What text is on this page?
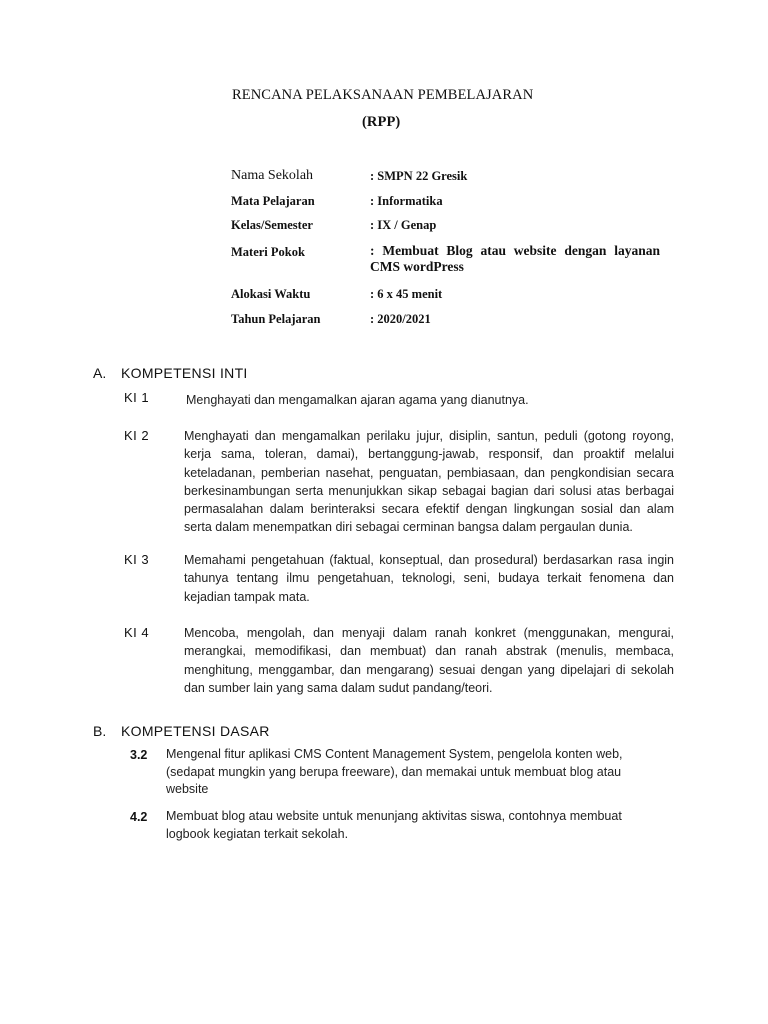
RENCANA PELAKSANAAN PEMBELAJARAN
(RPP)
Nama Sekolah	: SMPN 22 Gresik
Mata Pelajaran	: Informatika
Kelas/Semester	: IX / Genap
Materi Pokok	: Membuat Blog atau website dengan layanan CMS wordPress
Alokasi Waktu	: 6 x 45 menit
Tahun Pelajaran	: 2020/2021
A. KOMPETENSI INTI
KI 1	Menghayati dan mengamalkan ajaran agama yang dianutnya.
KI 2	Menghayati dan mengamalkan perilaku jujur, disiplin, santun, peduli (gotong royong, kerja sama, toleran, damai), bertanggung-jawab, responsif, dan proaktif melalui keteladanan, pemberian nasehat, penguatan, pembiasaan, dan pengkondisian secara berkesinambungan serta menunjukkan sikap sebagai bagian dari solusi atas berbagai permasalahan dalam berinteraksi secara efektif dengan lingkungan sosial dan alam serta dalam menempatkan diri sebagai cerminan bangsa dalam pergaulan dunia.
KI 3	Memahami pengetahuan (faktual, konseptual, dan prosedural) berdasarkan rasa ingin tahunya tentang ilmu pengetahuan, teknologi, seni, budaya terkait fenomena dan kejadian tampak mata.
KI 4	Mencoba, mengolah, dan menyaji dalam ranah konkret (menggunakan, mengurai, merangkai, memodifikasi, dan membuat) dan ranah abstrak (menulis, membaca, menghitung, menggambar, dan mengarang) sesuai dengan yang dipelajari di sekolah dan sumber lain yang sama dalam sudut pandang/teori.
B. KOMPETENSI DASAR
3.2 Mengenal fitur aplikasi CMS Content Management System, pengelola konten web, (sedapat mungkin yang berupa freeware), dan memakai untuk membuat blog atau website
4.2 Membuat blog atau website untuk menunjang aktivitas siswa, contohnya membuat logbook kegiatan terkait sekolah.
